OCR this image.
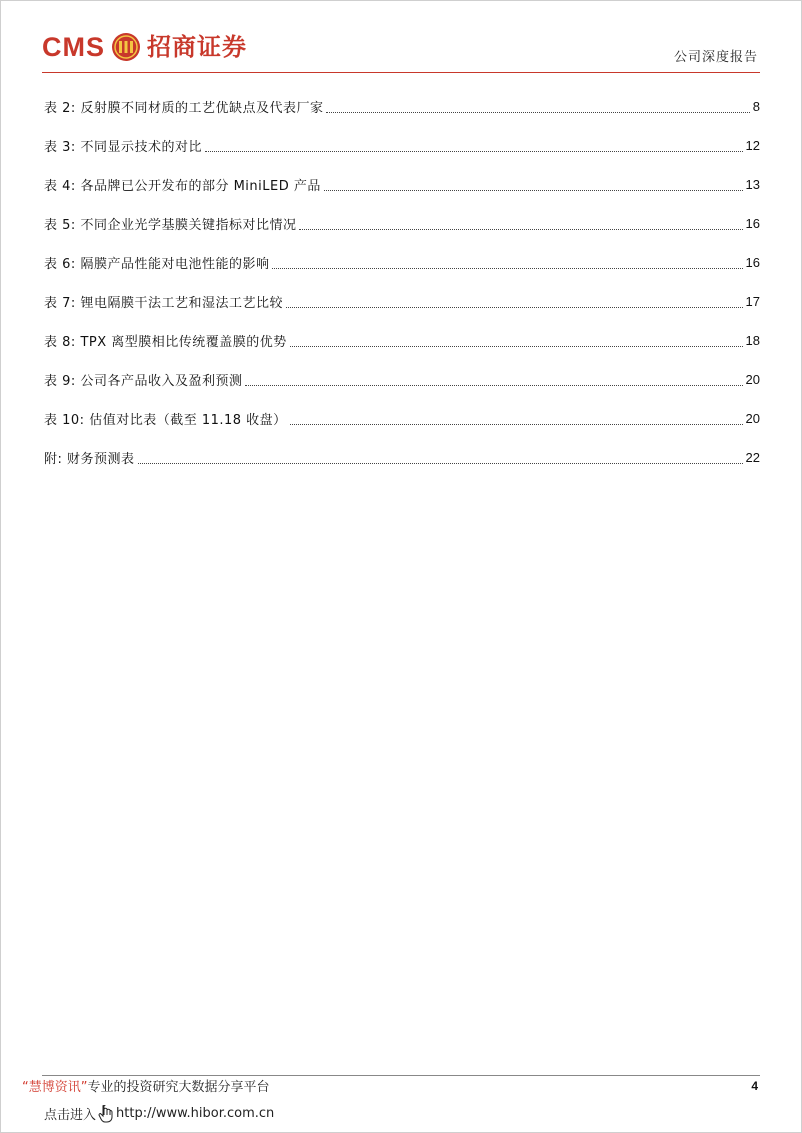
CMS 招商证券	公司深度报告
表 2: 反射膜不同材质的工艺优缺点及代表厂家	8
表 3: 不同显示技术的对比	12
表 4: 各品牌已公开发布的部分 MiniLED 产品	13
表 5: 不同企业光学基膜关键指标对比情况	16
表 6: 隔膜产品性能对电池性能的影响	16
表 7: 锂电隔膜干法工艺和湿法工艺比较	17
表 8: TPX 离型膜相比传统覆盖膜的优势	18
表 9: 公司各产品收入及盈利预测	20
表 10: 估值对比表（截至 11.18 收盘）	20
附: 财务预测表	22
“慧博资讯”专业的投资研究大数据分享平台	4
点击进入 http://www.hibor.com.cn
